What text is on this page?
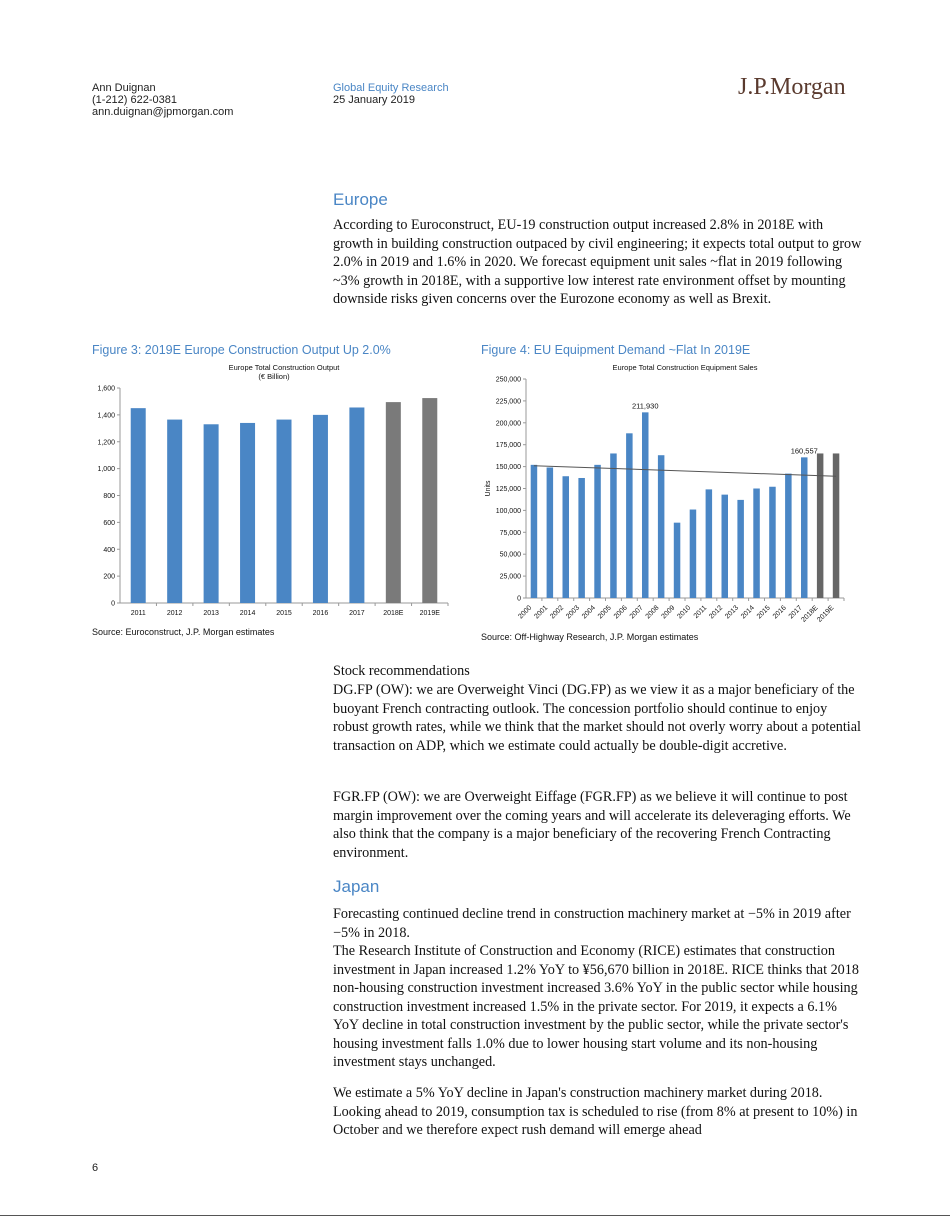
Ann Duignan
(1-212) 622-0381
ann.duignan@jpmorgan.com
Global Equity Research
25 January 2019	J.P.Morgan
Europe

According to Euroconstruct, EU-19 construction output increased 2.8% in 2018E with growth in building construction outpaced by civil engineering; it expects total output to grow 2.0% in 2019 and 1.6% in 2020. We forecast equipment unit sales ~flat in 2019 following ~3% growth in 2018E, with a supportive low interest rate environment offset by mounting downside risks given concerns over the Eurozone economy as well as Brexit.

Figure 3: 2019E Europe Construction Output Up 2.0%
Europe Total Construction Output
(€ Billion)
0
200
400
600
800
1,000
1,200
1,400
1,600
2011	2012	2013	2014	2015	2016	2017	2018E 2019E
Source: Euroconstruct, J.P. Morgan estimates
Figure 4: EU Equipment Demand ~Flat In 2019E
Europe Total Construction Equipment Sales
0
25,000
50,000
75,000
100,000
125,000
150,000
175,000
200,000
225,000
250,000
Units
2000 2001 2002 2003 2004 2005 2006 2007 2008 2009 2010 2011 2012 2013 2014 2015 2016 2017
2018E
2019E
211,930
160,557
Source: Off-Highway Research, J.P. Morgan estimates

Stock recommendations

DG.FP (OW): we are Overweight Vinci (DG.FP) as we view it as a major beneficiary of the buoyant French contracting outlook. The concession portfolio should continue to enjoy robust growth rates, while we think that the market should not overly worry about a potential transaction on ADP, which we estimate could actually be double-digit accretive.

FGR.FP (OW): we are Overweight Eiffage (FGR.FP) as we believe it will continue to post margin improvement over the coming years and will accelerate its deleveraging efforts. We also think that the company is a major beneficiary of the recovering French Contracting environment.

Japan

Forecasting continued decline trend in construction machinery market at −5% in 2019 after −5% in 2018.

The Research Institute of Construction and Economy (RICE) estimates that construction investment in Japan increased 1.2% YoY to ¥56,670 billion in 2018E. RICE thinks that 2018 non-housing construction investment increased 3.6% YoY in the public sector while housing construction investment increased 1.5% in the private sector. For 2019, it expects a 6.1% YoY decline in total construction investment by the public sector, while the private sector's housing investment falls 1.0% due to lower housing start volume and its non-housing investment stays unchanged.

We estimate a 5% YoY decline in Japan's construction machinery market during 2018. Looking ahead to 2019, consumption tax is scheduled to rise (from 8% at present to 10%) in October and we therefore expect rush demand will emerge ahead

6
